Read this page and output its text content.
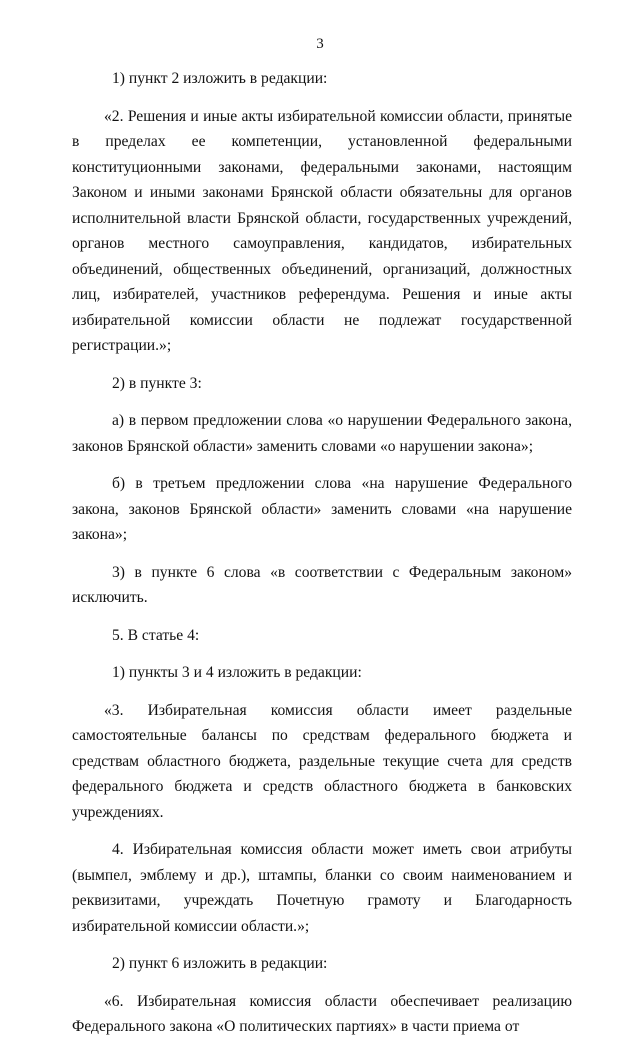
3

1) пункт 2 изложить в редакции:

«2. Решения и иные акты избирательной комиссии области, принятые в пределах ее компетенции, установленной федеральными конституционными законами, федеральными законами, настоящим Законом и иными законами Брянской области обязательны для органов исполнительной власти Брянской области, государственных учреждений, органов местного самоуправления, кандидатов, избирательных объединений, общественных объединений, организаций, должностных лиц, избирателей, участников референдума. Решения и иные акты избирательной комиссии области не подлежат государственной регистрации.»;

2) в пункте 3:

а) в первом предложении слова «о нарушении Федерального закона, законов Брянской области» заменить словами «о нарушении закона»;

б) в третьем предложении слова «на нарушение Федерального закона, законов Брянской области» заменить словами «на нарушение закона»;

3) в пункте 6 слова «в соответствии с Федеральным законом» исключить.

5. В статье 4:

1) пункты 3 и 4 изложить в редакции:

«3. Избирательная комиссия области имеет раздельные самостоятельные балансы по средствам федерального бюджета и средствам областного бюджета, раздельные текущие счета для средств федерального бюджета и средств областного бюджета в банковских учреждениях.

4. Избирательная комиссия области может иметь свои атрибуты (вымпел, эмблему и др.), штампы, бланки со своим наименованием и реквизитами, учреждать Почетную грамоту и Благодарность избирательной комиссии области.»;

2) пункт 6 изложить в редакции:

«6. Избирательная комиссия области обеспечивает реализацию Федерального закона «О политических партиях» в части приема от
